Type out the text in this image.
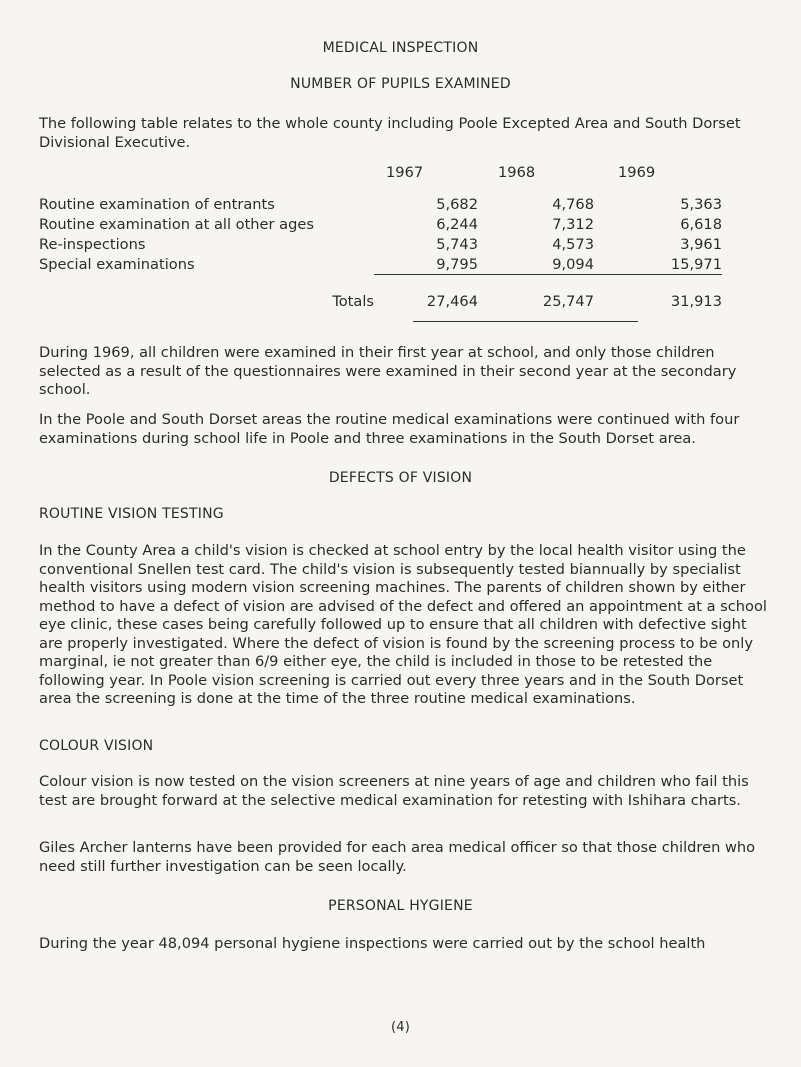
MEDICAL INSPECTION
NUMBER OF PUPILS EXAMINED
The following table relates to the whole county including Poole Excepted Area and South Dorset Divisional Executive.
	1967	1968	1969
Routine examination of entrants	5,682	4,768	5,363
Routine examination at all other ages	6,244	7,312	6,618
Re-inspections	5,743	4,573	3,961
Special examinations	9,795	9,094	15,971

Totals	27,464	25,747	31,913
During 1969, all children were examined in their first year at school, and only those children selected as a result of the questionnaires were examined in their second year at the secondary school.
In the Poole and South Dorset areas the routine medical examinations were continued with four examinations during school life in Poole and three examinations in the South Dorset area.
DEFECTS OF VISION
ROUTINE VISION TESTING
In the County Area a child's vision is checked at school entry by the local health visitor using the conventional Snellen test card. The child's vision is subsequently tested biannually by specialist health visitors using modern vision screening machines. The parents of children shown by either method to have a defect of vision are advised of the defect and offered an appointment at a school eye clinic, these cases being carefully followed up to ensure that all children with defective sight are properly investigated. Where the defect of vision is found by the screening process to be only marginal, ie not greater than 6/9 either eye, the child is included in those to be retested the following year. In Poole vision screening is carried out every three years and in the South Dorset area the screening is done at the time of the three routine medical examinations.
COLOUR VISION
Colour vision is now tested on the vision screeners at nine years of age and children who fail this test are brought forward at the selective medical examination for retesting with Ishihara charts.
Giles Archer lanterns have been provided for each area medical officer so that those children who need still further investigation can be seen locally.
PERSONAL HYGIENE
During the year 48,094 personal hygiene inspections were carried out by the school health
(4)
